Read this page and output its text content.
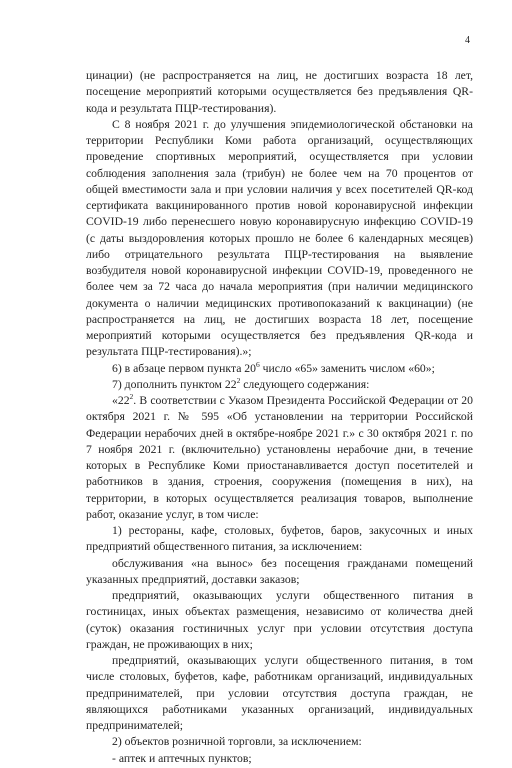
4

цинации) (не распространяется на лиц, не достигших возраста 18 лет, посещение мероприятий которыми осуществляется без предъявления QR-кода и результата ПЦР-тестирования).

С 8 ноября 2021 г. до улучшения эпидемиологической обстановки на территории Республики Коми работа организаций, осуществляющих проведение спортивных мероприятий, осуществляется при условии соблюдения заполнения зала (трибун) не более чем на 70 процентов от общей вместимости зала и при условии наличия у всех посетителей QR-код сертификата вакцинированного против новой коронавирусной инфекции COVID-19 либо перенесшего новую коронавирусную инфекцию COVID-19 (с даты выздоровления которых прошло не более 6 календарных месяцев) либо отрицательного результата ПЦР-тестирования на выявление возбудителя новой коронавирусной инфекции COVID-19, проведенного не более чем за 72 часа до начала мероприятия (при наличии медицинского документа о наличии медицинских противопоказаний к вакцинации) (не распространяется на лиц, не достигших возраста 18 лет, посещение мероприятий которыми осуществляется без предъявления QR-кода и результата ПЦР-тестирования).»;

6) в абзаце первом пункта $20^6$ число «65» заменить числом «60»;

7) дополнить пунктом $22^2$ следующего содержания:

«$22^2$. В соответствии с Указом Президента Российской Федерации от 20 октября 2021 г. № 595 «Об установлении на территории Российской Федерации нерабочих дней в октябре-ноябре 2021 г.» с 30 октября 2021 г. по 7 ноября 2021 г. (включительно) установлены нерабочие дни, в течение которых в Республике Коми приостанавливается доступ посетителей и работников в здания, строения, сооружения (помещения в них), на территории, в которых осуществляется реализация товаров, выполнение работ, оказание услуг, в том числе:

1) рестораны, кафе, столовых, буфетов, баров, закусочных и иных предприятий общественного питания, за исключением:

обслуживания «на вынос» без посещения гражданами помещений указанных предприятий, доставки заказов;

предприятий, оказывающих услуги общественного питания в гостиницах, иных объектах размещения, независимо от количества дней (суток) оказания гостиничных услуг при условии отсутствия доступа граждан, не проживающих в них;

предприятий, оказывающих услуги общественного питания, в том числе столовых, буфетов, кафе, работникам организаций, индивидуальных предпринимателей, при условии отсутствия доступа граждан, не являющихся работниками указанных организаций, индивидуальных предпринимателей;

2) объектов розничной торговли, за исключением:

- аптек и аптечных пунктов;
